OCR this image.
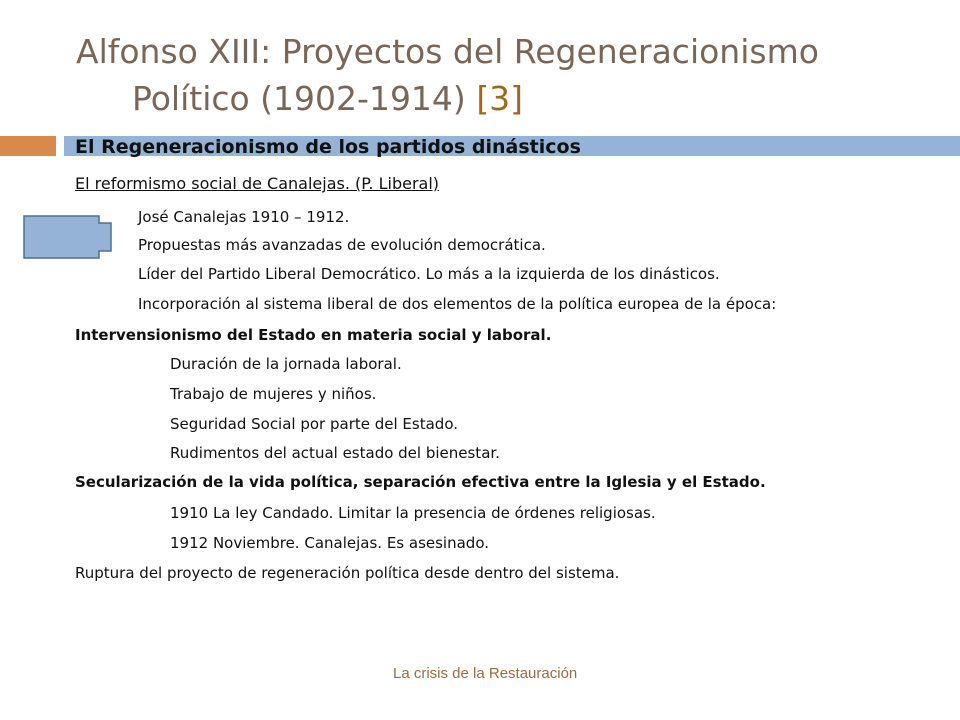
Alfonso XIII: Proyectos del Regeneracionismo
Político (1902-1914) [3]
El Regeneracionismo de los partidos dinásticos
El reformismo social de Canalejas. (P. Liberal)
José Canalejas 1910 – 1912.
Propuestas más avanzadas de evolución democrática.
Líder del Partido Liberal Democrático. Lo más a la izquierda de los dinásticos.
Incorporación al sistema liberal de dos elementos de la política europea de la época:
Intervensionismo del Estado en materia social y laboral.
Duración de la jornada laboral.
Trabajo de mujeres y niños.
Seguridad Social por parte del Estado.
Rudimentos del actual estado del bienestar.
Secularización de la vida política, separación efectiva entre la Iglesia y el Estado.
1910 La ley Candado. Limitar la presencia de órdenes religiosas.
1912 Noviembre. Canalejas. Es asesinado.
Ruptura del proyecto de regeneración política desde dentro del sistema.
La crisis de la Restauración
